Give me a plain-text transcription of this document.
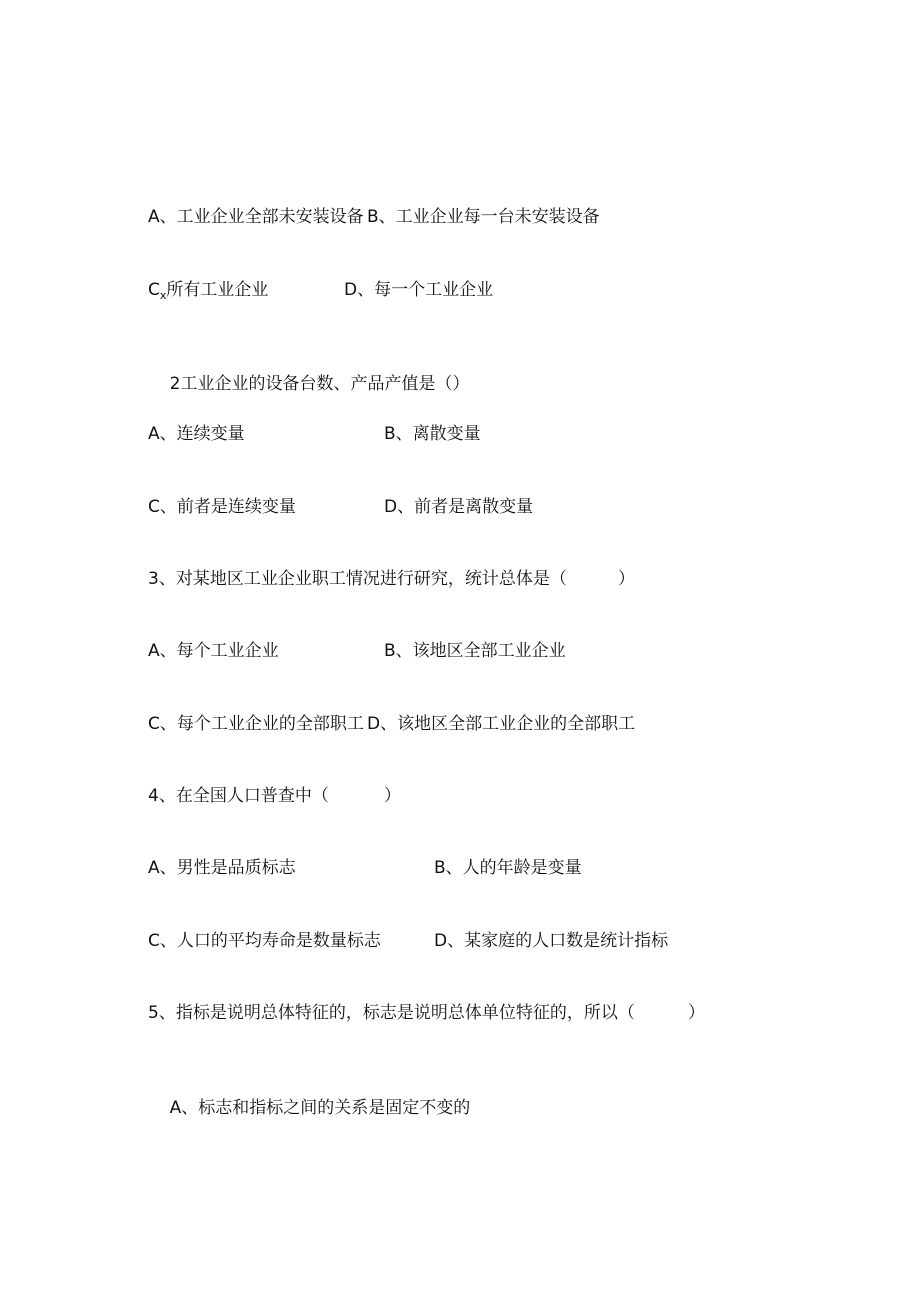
A、工业企业全部未安装设备

B、工业企业每一台未安装设备

$C_x$所有工业企业

	D、每一个工业企业

2工业企业的设备台数、产品产值是（）

A、连续变量

	B、离散变量

C、前者是连续变量

	D、前者是离散变量

3、对某地区工业企业职工情况进行研究，统计总体是（

	）

A、每个工业企业

	B、该地区全部工业企业

C、每个工业企业的全部职工

D、该地区全部工业企业的全部职工

4、在全国人口普查中（

	）

A、男性是品质标志

	B、人的年龄是变量

C、人口的平均寿命是数量标志

	D、某家庭的人口数是统计指标

5、指标是说明总体特征的，标志是说明总体单位特征的，所以（

	）

A、标志和指标之间的关系是固定不变的
